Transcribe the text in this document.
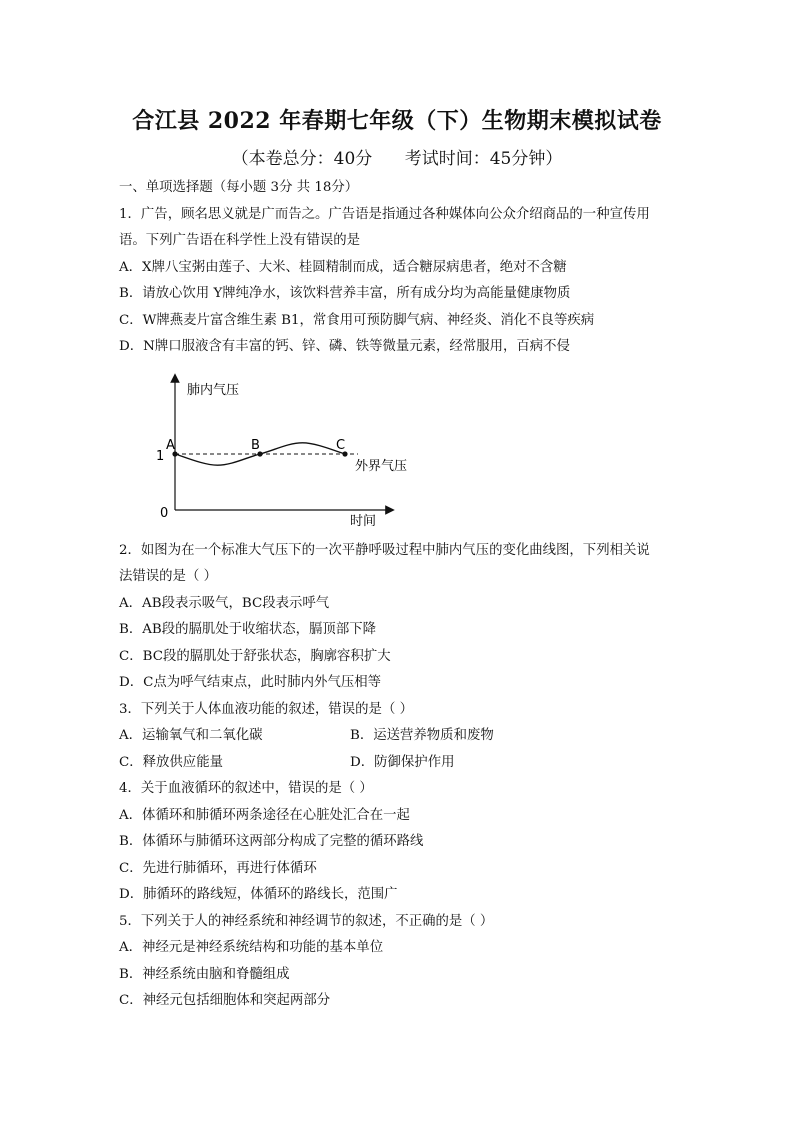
合江县 2022 年春期七年级（下）生物期末模拟试卷
（本卷总分：40分      考试时间：45分钟）
一、单项选择题（每小题 3分 共 18分）
1．广告，顾名思义就是广而告之。广告语是指通过各种媒体向公众介绍商品的一种宣传用
语。下列广告语在科学性上没有错误的是
A．X牌八宝粥由莲子、大米、桂圆精制而成，适合糖尿病患者，绝对不含糖
B．请放心饮用 Y牌纯净水，该饮料营养丰富，所有成分均为高能量健康物质
C．W牌燕麦片富含维生素 B1，常食用可预防脚气病、神经炎、消化不良等疾病
D．N牌口服液含有丰富的钙、锌、磷、铁等微量元素，经常服用，百病不侵
肺内气压
时间
1
0
外界气压
A	B	C
2．如图为在一个标准大气压下的一次平静呼吸过程中肺内气压的变化曲线图，下列相关说
法错误的是（ ）
A．AB段表示吸气，BC段表示呼气
B．AB段的膈肌处于收缩状态，膈顶部下降
C．BC段的膈肌处于舒张状态，胸廓容积扩大
D．C点为呼气结束点，此时肺内外气压相等
3．下列关于人体血液功能的叙述，错误的是（ ）
A．运输氧气和二氧化碳	B．运送营养物质和废物
C．释放供应能量	D．防御保护作用
4．关于血液循环的叙述中，错误的是（ ）
A．体循环和肺循环两条途径在心脏处汇合在一起
B．体循环与肺循环这两部分构成了完整的循环路线
C．先进行肺循环，再进行体循环
D．肺循环的路线短，体循环的路线长，范围广
5．下列关于人的神经系统和神经调节的叙述，不正确的是（ ）
A．神经元是神经系统结构和功能的基本单位
B．神经系统由脑和脊髓组成
C．神经元包括细胞体和突起两部分
